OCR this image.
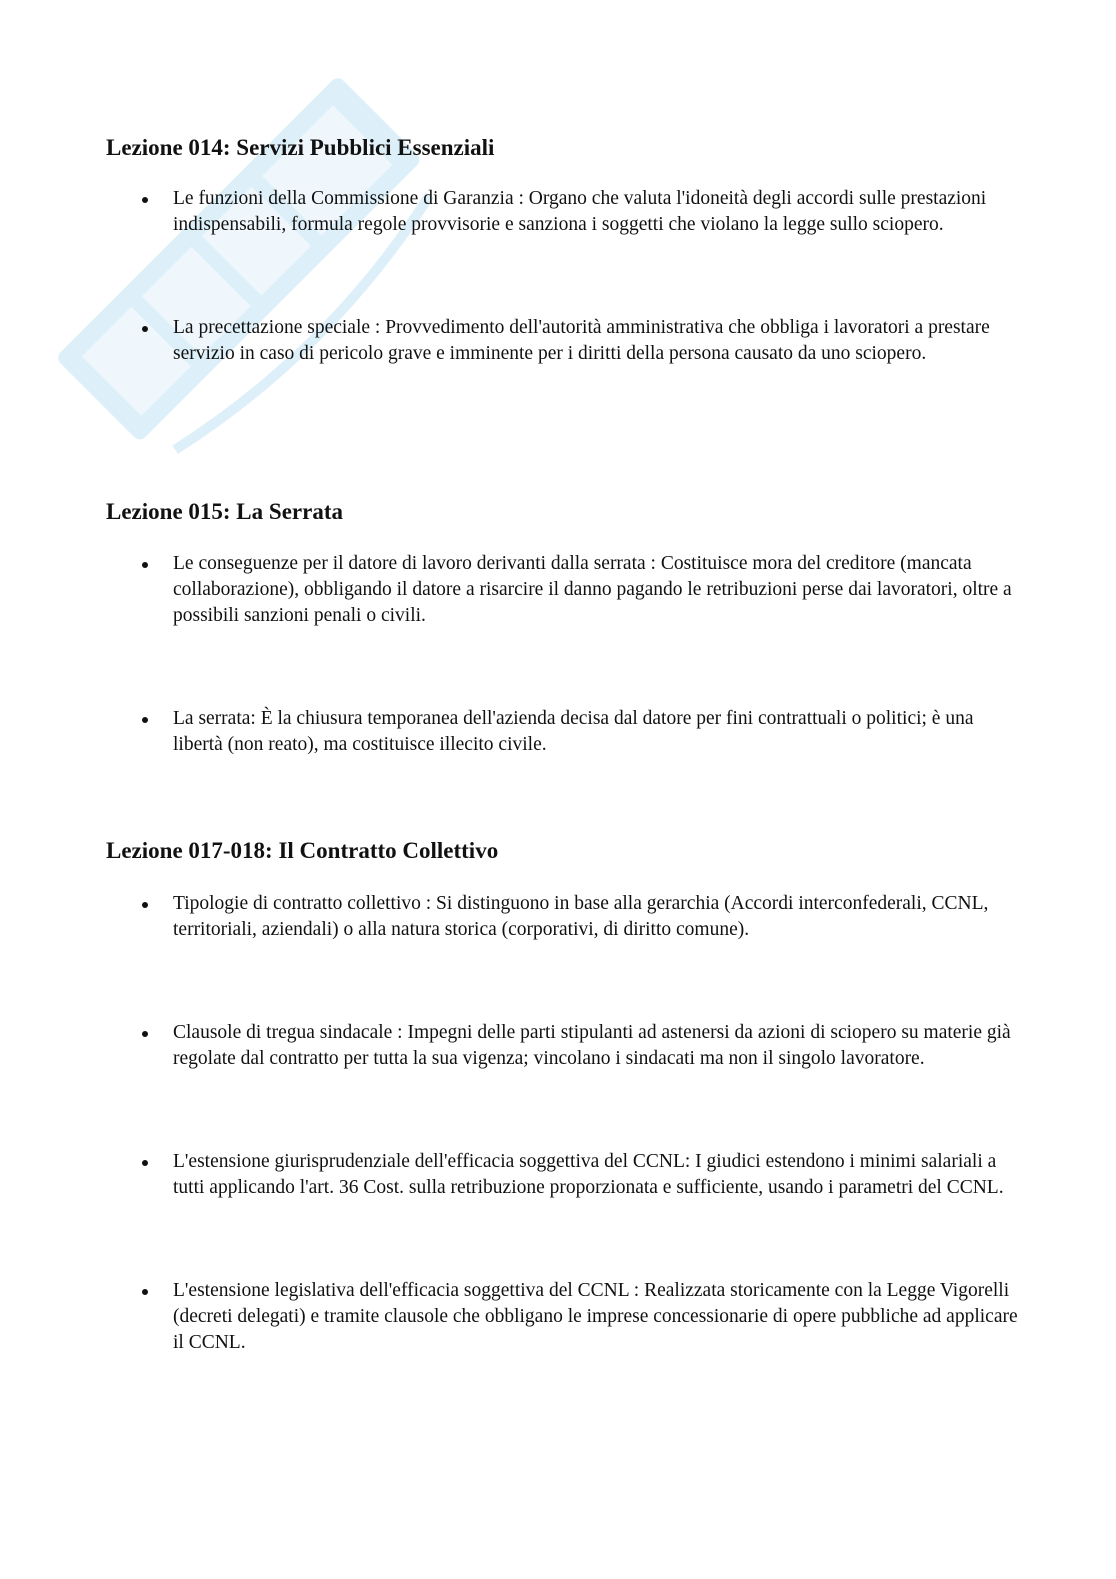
Lezione 014: Servizi Pubblici Essenziali
Le funzioni della Commissione di Garanzia : Organo che valuta l'idoneità degli accordi sulle prestazioni indispensabili, formula regole provvisorie e sanziona i soggetti che violano la legge sullo sciopero.
La precettazione speciale : Provvedimento dell'autorità amministrativa che obbliga i lavoratori a prestare servizio in caso di pericolo grave e imminente per i diritti della persona causato da uno sciopero.
Lezione 015: La Serrata
Le conseguenze per il datore di lavoro derivanti dalla serrata : Costituisce mora del creditore (mancata collaborazione), obbligando il datore a risarcire il danno pagando le retribuzioni perse dai lavoratori, oltre a possibili sanzioni penali o civili.
La serrata: È la chiusura temporanea dell'azienda decisa dal datore per fini contrattuali o politici; è una libertà (non reato), ma costituisce illecito civile.
Lezione 017-018: Il Contratto Collettivo
Tipologie di contratto collettivo : Si distinguono in base alla gerarchia (Accordi interconfederali, CCNL, territoriali, aziendali) o alla natura storica (corporativi, di diritto comune).
Clausole di tregua sindacale : Impegni delle parti stipulanti ad astenersi da azioni di sciopero su materie già regolate dal contratto per tutta la sua vigenza; vincolano i sindacati ma non il singolo lavoratore.
L'estensione giurisprudenziale dell'efficacia soggettiva del CCNL: I giudici estendono i minimi salariali a tutti applicando l'art. 36 Cost. sulla retribuzione proporzionata e sufficiente, usando i parametri del CCNL.
L'estensione legislativa dell'efficacia soggettiva del CCNL : Realizzata storicamente con la Legge Vigorelli (decreti delegati) e tramite clausole che obbligano le imprese concessionarie di opere pubbliche ad applicare il CCNL.
